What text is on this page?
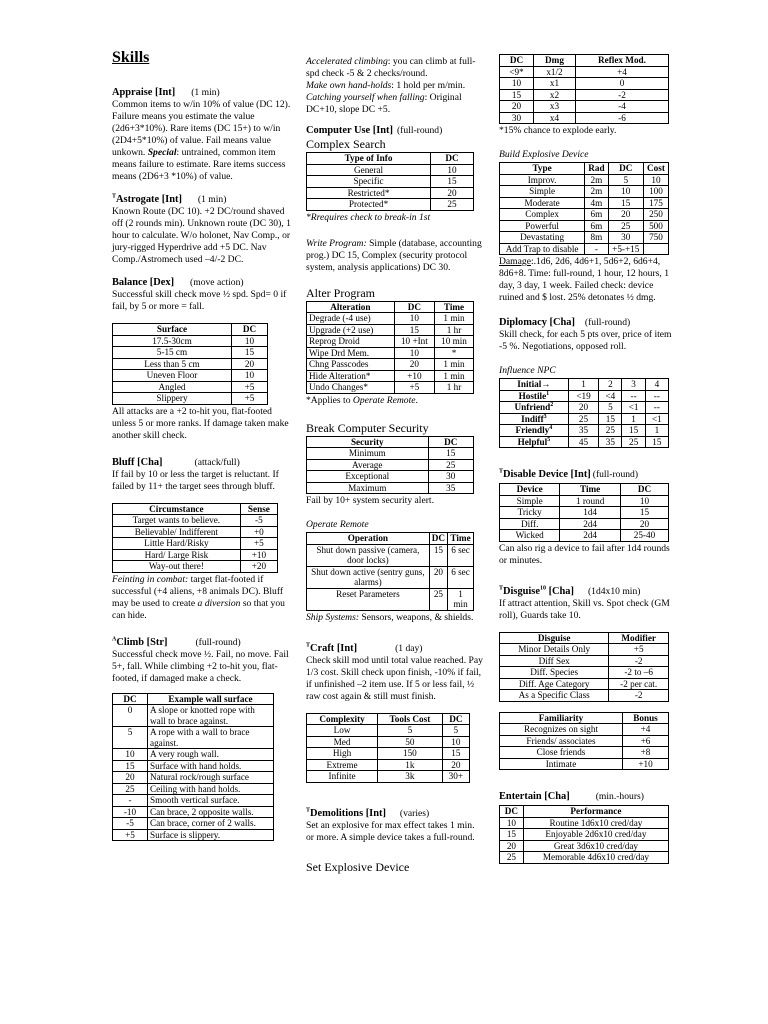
Skills
Appraise [Int] (1 min)

Common items to w/in 10% of value (DC 12). Failure means you estimate the value (2d6+3*10%). Rare items (DC 15+) to w/in (2D4+5*10%) of value. Fail means value unkown. Special: untrained, common item means failure to estimate. Rare items success means (2D6+3 *10%) of value.

$^T$Astrogate [Int] (1 min)

Known Route (DC 10). +2 DC/round shaved off (2 rounds min). Unknown route (DC 30), 1 hour to calculate. W/o holonet, Nav Comp., or jury-rigged Hyperdrive add +5 DC. Nav Comp./Astromech used –4/-2 DC.

Balance [Dex] (move action)

Successful skill check move ½ spd. Spd= 0 if fail, by 5 or more = fall.

Surface	DC
17.5-30cm	10
5-15 cm	15
Less than 5 cm	20
Uneven Floor	10
Angled	+5
Slippery	+5

All attacks are a +2 to-hit you, flat-footed unless 5 or more ranks. If damage taken make another skill check.

Bluff [Cha]	(attack/full)

If fail by 10 or less the target is reluctant. If failed by 11+ the target sees through bluff.

Circumstance	Sense
Target wants to believe.	-5
Believable/ Indifferent	+0
Little Hard/Risky	+5
Hard/ Large Risk	+10
Way-out there!	+20

Feinting in combat: target flat-footed if successful (+4 aliens, +8 animals DC). Bluff may be used to create a diversion so that you can hide.

$^A$Climb [Str]	(full-round)

Successful check move ½. Fail, no move. Fail 5+, fall. While climbing +2 to-hit you, flat-footed, if damaged make a check.

DC	Example wall surface
0	A slope or knotted rope with wall to brace against.
5	A rope with a wall to brace against.
10	A very rough wall.
15	Surface with hand holds.
20	Natural rock/rough surface
25	Ceiling with hand holds.
-	Smooth vertical surface.
-10	Can brace, 2 opposite walls.
-5	Can brace, corner of 2 walls.
+5	Surface is slippery.

Accelerated climbing: you can climb at full-spd check -5 & 2 checks/round.
Make own hand-holds: 1 hold per m/min.
Catching yourself when falling: Original DC+10, slope DC +5.

Computer Use [Int] (full-round)
Complex Search
Type of Info	DC
General	10
Specific	15
Restricted*	20
Protected*	25

*Rrequires check to break-in 1st

Write Program: Simple (database, accounting prog.) DC 15, Complex (security protocol system, analysis applications) DC 30.

Alter Program
Alteration	DC	Time
Degrade (-4 use)	10	1 min
Upgrade (+2 use)	15	1 hr
Reprog Droid	10 +Int	10 min
Wipe Drd Mem.	10	*
Chng Passcodes	20	1 min
Hide Alteration*	+10	1 min
Undo Changes*	+5	1 hr

*Applies to Operate Remote.

Break Computer Security
Security	DC
Minimum	15
Average	25
Exceptional	30
Maximum	35

Fail by 10+ system security alert.

Operate Remote

Operation	DC	Time
Shut down passive (camera, door locks)	15	6 sec
Shut down active (sentry guns, alarms)	20	6 sec
Reset Parameters	25	1 min

Ship Systems: Sensors, weapons, & shields.

$^T$Craft [Int]	(1 day)

Check skill mod until total value reached. Pay 1/3 cost. Skill check upon finish, -10% if fail, if unfinished –2 item use. If 5 or less fail, ½ raw cost again & still must finish.

Complexity	Tools Cost	DC
Low	5	5
Med	50	10
High	150	15
Extreme	1k	20
Infinite	3k	30+
$^T$Demolitions [Int] (varies)

Set an explosive for max effect takes 1 min. or more. A simple device takes a full-round.

Set Explosive Device
DC	Dmg	Reflex Mod.
<9*	x1/2	+4
10	x1	0
15	x2	-2
20	x3	-4
30	x4	-6

*15% chance to explode early.

Build Explosive Device

Type	Rad	DC	Cost
Improv.	2m	5	10
Simple	2m	10	100
Moderate	4m	15	175
Complex	6m	20	250
Powerful	6m	25	500
Devastating	8m	30	750
Add Trap to disable	-	+5-+15	

Damage:.1d6, 2d6, 4d6+1, 5d6+2, 6d6+4, 8d6+8. Time: full-round, 1 hour, 12 hours, 1 day, 3 day, 1 week. Failed check: device ruined and $ lost. 25% detonates ½ dmg.

Diplomacy [Cha] (full-round)

Skill check, for each 5 pts over, price of item -5 %. Negotiations, opposed roll.

Influence NPC

Initial→	1	2	3	4
Hostile$^1$	<19	<4	--	--
Unfriend$^2$	20	5	<1	--
Indiff$^3$	25	15	1	<1
Friendly$^4$	35	25	15	1
Helpful$^5$	45	35	25	15
$^T$Disable Device [Int] (full-round)
Device	Time	DC
Simple	1 round	10
Tricky	1d4	15
Diff.	2d4	20
Wicked	2d4	25-40

Can also rig a device to fail after 1d4 rounds or minutes.

$^T$Disguise$^{10}$ [Cha] (1d4x10 min)

If attract attention, Skill vs. Spot check (GM roll), Guards take 10.

Disguise	Modifier
Minor Details Only	+5
Diff Sex	-2
Diff. Species	-2 to –6
Diff. Age Category	-2 per cat.
As a Specific Class	-2
Familiarity	Bonus
Recognizes on sight	+4
Friends/ associates	+6
Close friends	+8
Intimate	+10
Entertain [Cha]	(min.-hours)
DC	Performance
10	Routine 1d6x10 cred/day
15	Enjoyable 2d6x10 cred/day
20	Great 3d6x10 cred/day
25	Memorable 4d6x10 cred/day
